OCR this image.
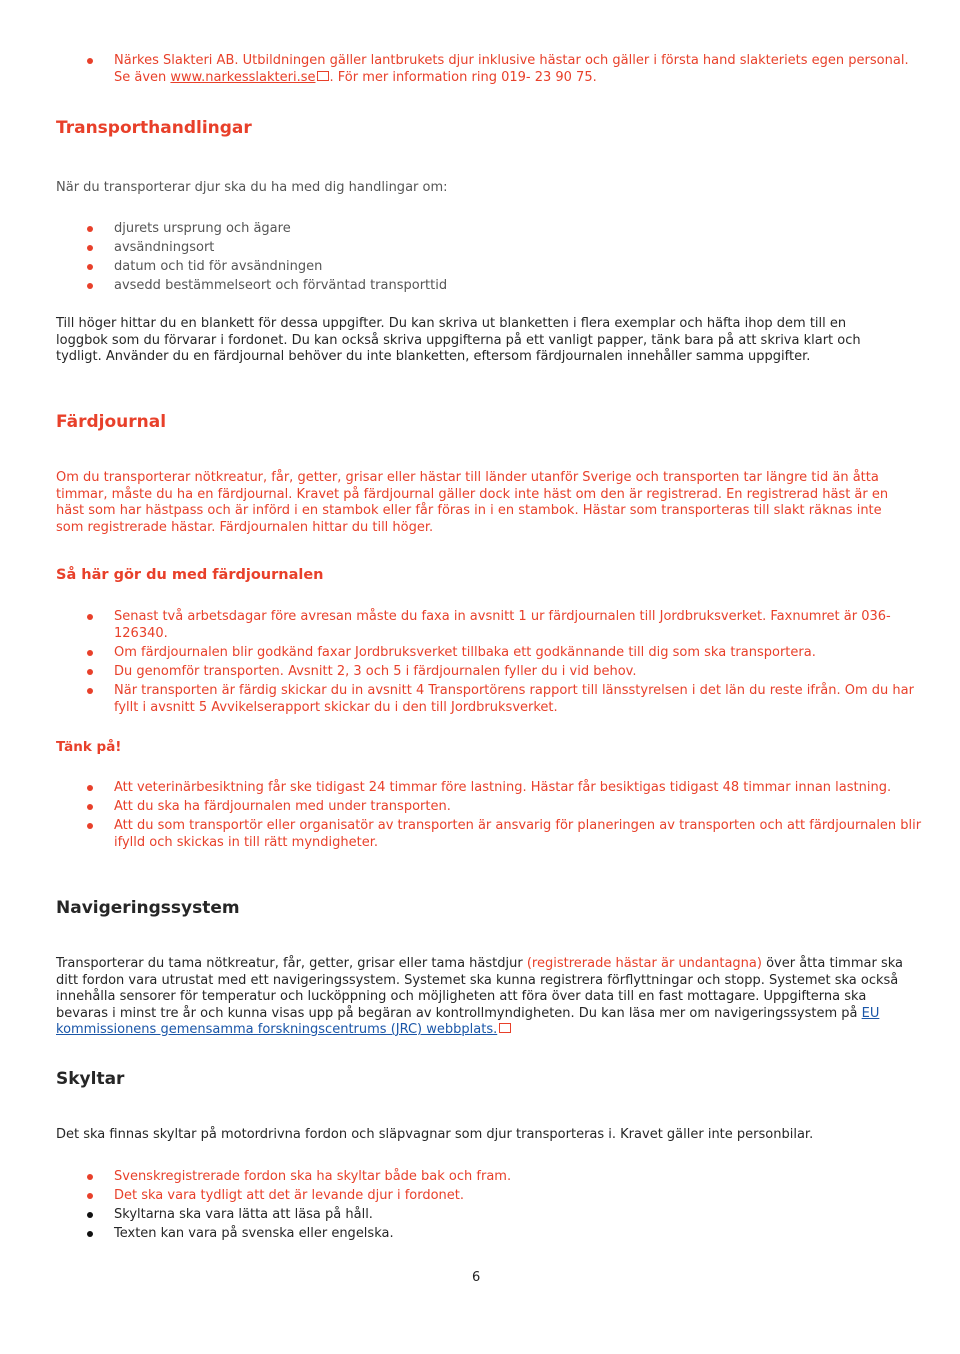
Närkes Slakteri AB. Utbildningen gäller lantbrukets djur inklusive hästar och gäller i första hand slakteriets egen personal. Se även www.narkesslakteri.se . För mer information ring 019- 23 90 75.
Transporthandlingar
När du transporterar djur ska du ha med dig handlingar om:
djurets ursprung och ägare
avsändningsort
datum och tid för avsändningen
avsedd bestämmelseort och förväntad transporttid
Till höger hittar du en blankett för dessa uppgifter. Du kan skriva ut blanketten i flera exemplar och häfta ihop dem till en loggbok som du förvarar i fordonet. Du kan också skriva uppgifterna på ett vanligt papper, tänk bara på att skriva klart och tydligt. Använder du en färdjournal behöver du inte blanketten, eftersom färdjournalen innehåller samma uppgifter.
Färdjournal
Om du transporterar nötkreatur, får, getter, grisar eller hästar till länder utanför Sverige och transporten tar längre tid än åtta timmar, måste du ha en färdjournal. Kravet på färdjournal gäller dock inte häst om den är registrerad. En registrerad häst är en häst som har hästpass och är införd i en stambok eller får föras in i en stambok. Hästar som transporteras till slakt räknas inte som registrerade hästar. Färdjournalen hittar du till höger.
Så här gör du med färdjournalen
Senast två arbetsdagar före avresan måste du faxa in avsnitt 1 ur färdjournalen till Jordbruksverket. Faxnumret är 036-126340.
Om färdjournalen blir godkänd faxar Jordbruksverket tillbaka ett godkännande till dig som ska transportera.
Du genomför transporten. Avsnitt 2, 3 och 5 i färdjournalen fyller du i vid behov.
När transporten är färdig skickar du in avsnitt 4 Transportörens rapport till länsstyrelsen i det län du reste ifrån. Om du har fyllt i avsnitt 5 Avvikelserapport skickar du i den till Jordbruksverket.
Tänk på!
Att veterinärbesiktning får ske tidigast 24 timmar före lastning. Hästar får besiktigas tidigast 48 timmar innan lastning.
Att du ska ha färdjournalen med under transporten.
Att du som transportör eller organisatör av transporten är ansvarig för planeringen av transporten och att färdjournalen blir ifylld och skickas in till rätt myndigheter.
Navigeringssystem
Transporterar du tama nötkreatur, får, getter, grisar eller tama hästdjur (registrerade hästar är undantagna) över åtta timmar ska ditt fordon vara utrustat med ett navigeringssystem. Systemet ska kunna registrera förflyttningar och stopp. Systemet ska också innehålla sensorer för temperatur och lucköppning och möjligheten att föra över data till en fast mottagare. Uppgifterna ska bevaras i minst tre år och kunna visas upp på begäran av kontrollmyndigheten. Du kan läsa mer om navigeringssystem på EU kommissionens gemensamma forskningscentrums (JRC) webbplats.
Skyltar
Det ska finnas skyltar på motordrivna fordon och släpvagnar som djur transporteras i. Kravet gäller inte personbilar.
Svenskregistrerade fordon ska ha skyltar både bak och fram.
Det ska vara tydligt att det är levande djur i fordonet.
Skyltarna ska vara lätta att läsa på håll.
Texten kan vara på svenska eller engelska.
6
